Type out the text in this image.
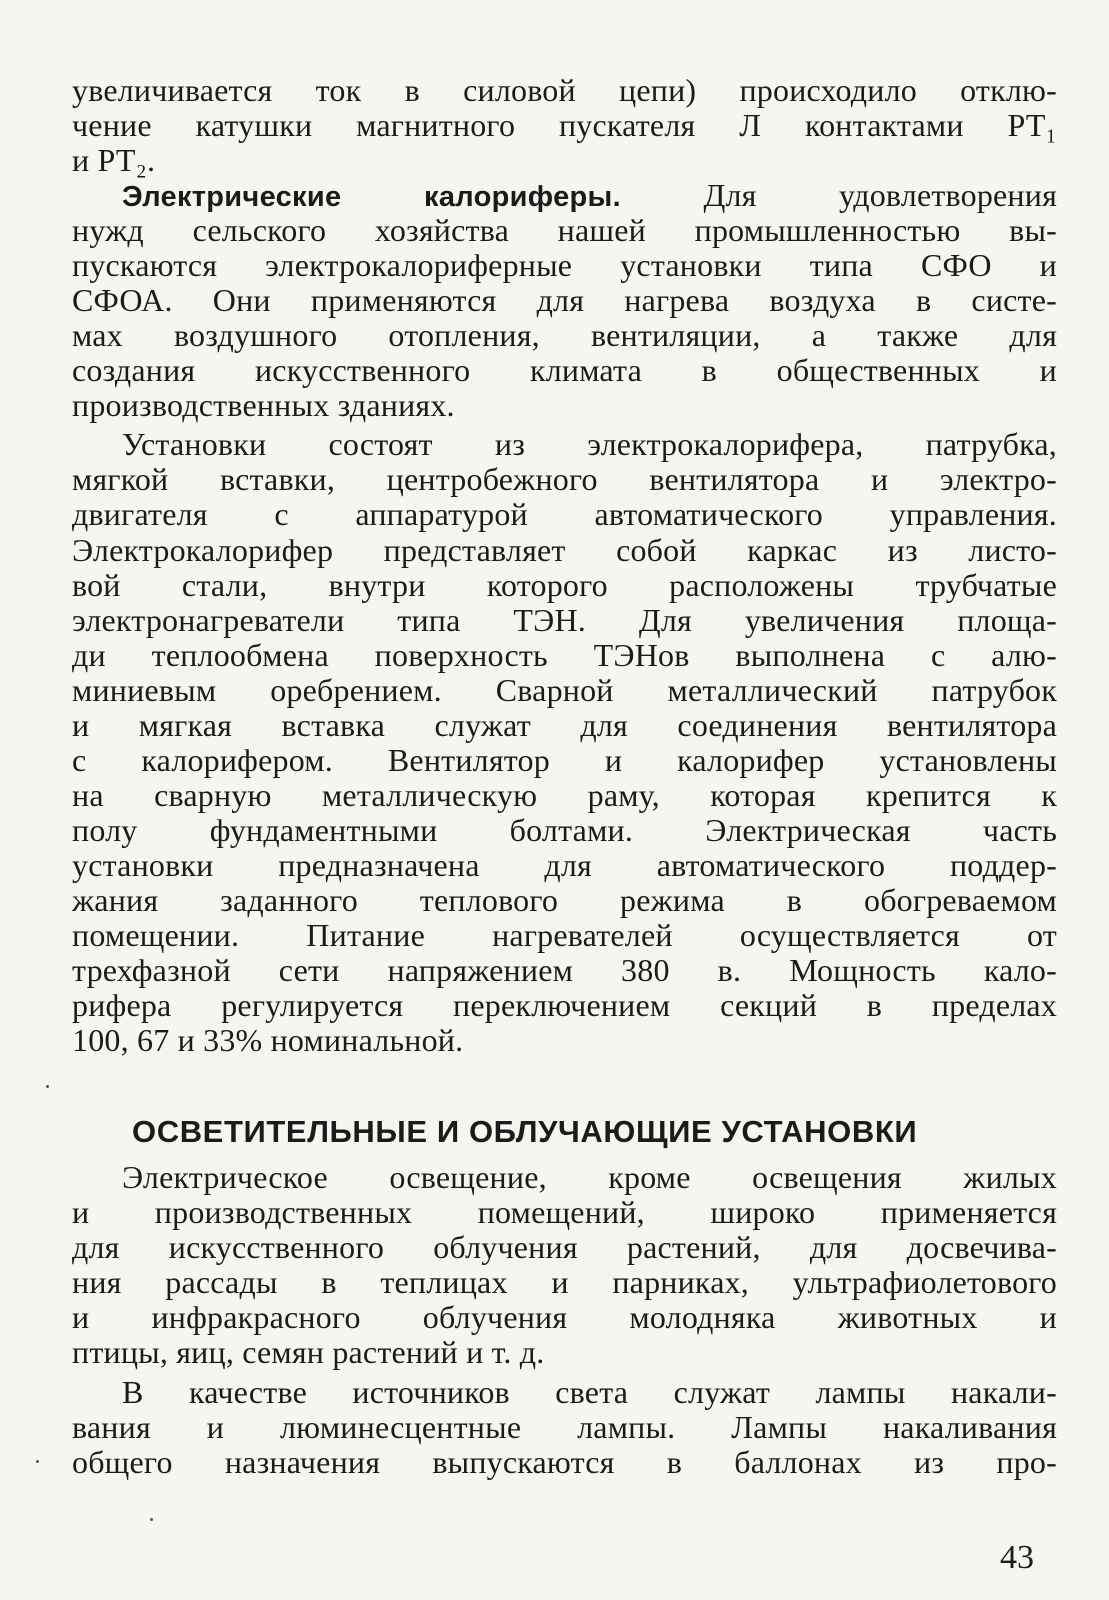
увеличивается ток в силовой цепи) происходило отклю-
чение катушки магнитного пускателя Л контактами РТ₁
и РТ₂.
Электрические калориферы.	Для удовлетворения
нужд сельского хозяйства нашей промышленностью вы-
пускаются электрокалориферные установки типа СФО и
СФОА. Они применяются для нагрева воздуха в систе-
мах воздушного отопления, вентиляции, а также для
создания искусственного климата в общественных и
производственных зданиях.
Установки состоят из электрокалорифера, патрубка,
мягкой вставки, центробежного вентилятора и электро-
двигателя с аппаратурой автоматического управления.
Электрокалорифер представляет собой каркас из листо-
вой стали, внутри которого расположены трубчатые
электронагреватели типа ТЭН. Для увеличения площа-
ди теплообмена поверхность ТЭНов выполнена с алю-
миниевым оребрением. Сварной металлический патрубок
и мягкая вставка служат для соединения вентилятора
с калорифером. Вентилятор и калорифер установлены
на сварную металлическую раму, которая крепится к
полу фундаментными болтами. Электрическая часть
установки предназначена для автоматического поддер-
жания заданного теплового режима в обогреваемом
помещении. Питание нагревателей осуществляется от
трехфазной сети напряжением 380 в. Мощность кало-
рифера регулируется переключением секций в пределах
100, 67 и 33% номинальной.
ОСВЕТИТЕЛЬНЫЕ И ОБЛУЧАЮЩИЕ УСТАНОВКИ
Электрическое освещение, кроме освещения жилых
и производственных помещений, широко применяется
для искусственного облучения растений, для досвечива-
ния рассады в теплицах и парниках, ультрафиолетового
и инфракрасного облучения молодняка животных и
птицы, яиц, семян растений и т. д.
В качестве источников света служат лампы накали-
вания и люминесцентные лампы. Лампы накаливания
общего назначения выпускаются в баллонах из про-
43
